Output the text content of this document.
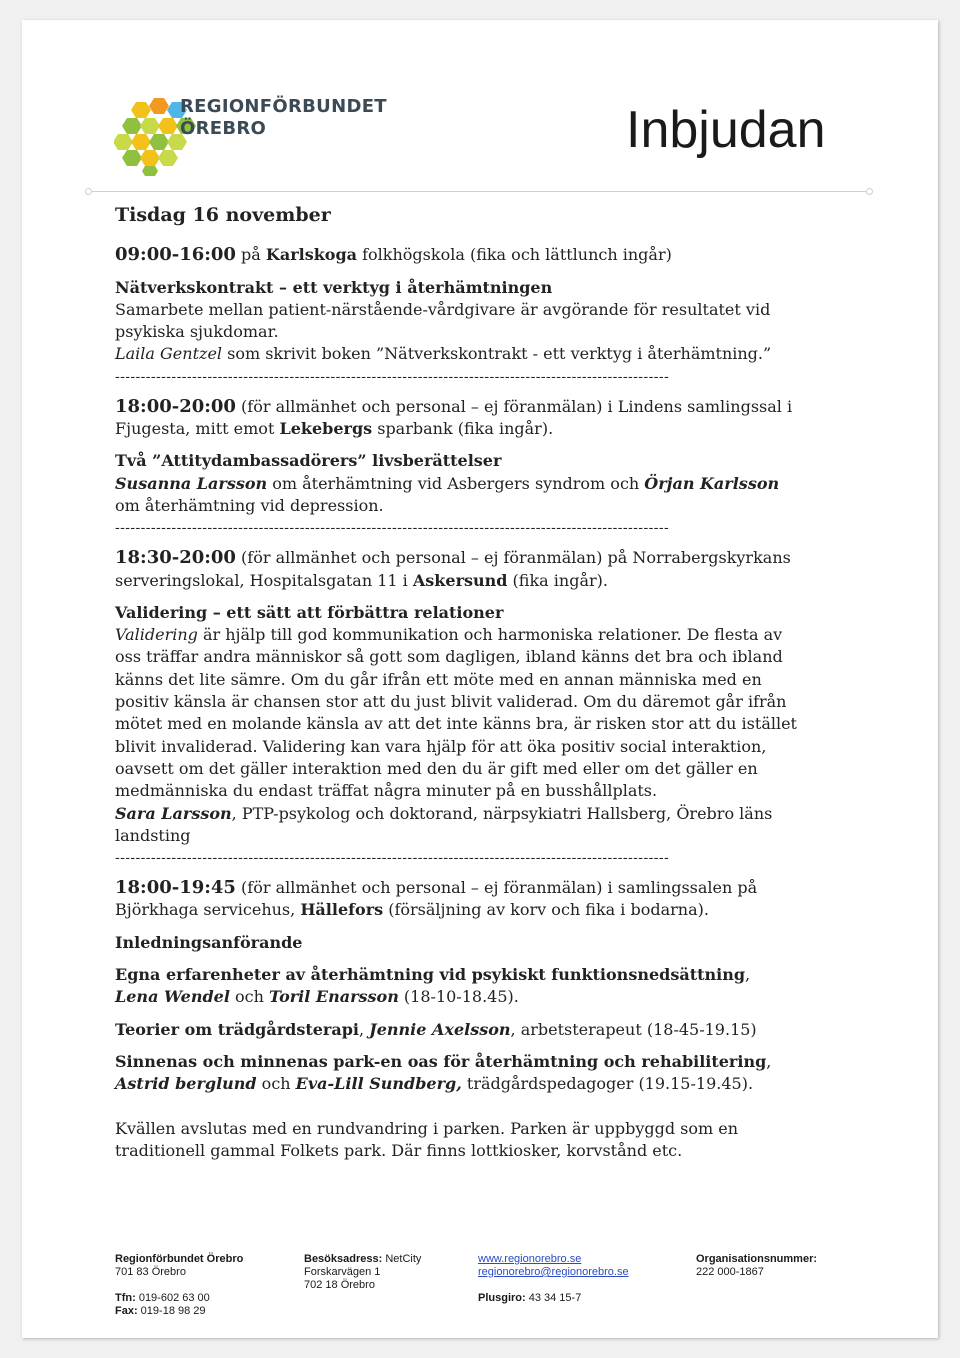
REGIONFÖRBUNDET
ÖREBRO	Inbjudan

Tisdag 16 november

09:00-16:00 på Karlskoga folkhögskola (fika och lättlunch ingår)

Nätverkskontrakt – ett verktyg i återhämtningen

Samarbete mellan patient-närstående-vårdgivare är avgörande för resultatet vid psykiska sjukdomar.

Laila Gentzel som skrivit boken ”Nätverkskontrakt - ett verktyg i återhämtning.”

------------------------------------------------------------------------------------------------------------

18:00-20:00 (för allmänhet och personal – ej föranmälan) i Lindens samlingssal i Fjugesta, mitt emot Lekebergs sparbank (fika ingår).

Två ”Attitydambassadörers” livsberättelser

Susanna Larsson om återhämtning vid Asbergers syndrom och Örjan Karlsson om återhämtning vid depression.

------------------------------------------------------------------------------------------------------------

18:30-20:00 (för allmänhet och personal – ej föranmälan) på Norrabergskyrkans serveringslokal, Hospitalsgatan 11 i Askersund (fika ingår).

Validering – ett sätt att förbättra relationer

Validering är hjälp till god kommunikation och harmoniska relationer. De flesta av oss träffar andra människor så gott som dagligen, ibland känns det bra och ibland känns det lite sämre. Om du går ifrån ett möte med en annan människa med en positiv känsla är chansen stor att du just blivit validerad. Om du däremot går ifrån mötet med en molande känsla av att det inte känns bra, är risken stor att du istället blivit invaliderad. Validering kan vara hjälp för att öka positiv social interaktion, oavsett om det gäller interaktion med den du är gift med eller om det gäller en medmänniska du endast träffat några minuter på en busshållplats.

Sara Larsson, PTP-psykolog och doktorand, närpsykiatri Hallsberg, Örebro läns landsting

------------------------------------------------------------------------------------------------------------

18:00-19:45 (för allmänhet och personal – ej föranmälan) i samlingssalen på Björkhaga servicehus, Hällefors (försäljning av korv och fika i bodarna).

Inledningsanförande

Egna erfarenheter av återhämtning vid psykiskt funktionsnedsättning,
Lena Wendel och Toril Enarsson (18-10-18.45).

Teorier om trädgårdsterapi, Jennie Axelsson, arbetsterapeut (18-45-19.15)

Sinnenas och minnenas park-en oas för återhämtning och rehabilitering,
Astrid berglund och Eva-Lill Sundberg, trädgårdspedagoger (19.15-19.45).

Kvällen avslutas med en rundvandring i parken. Parken är uppbyggd som en traditionell gammal Folkets park. Där finns lottkiosker, korvstånd etc.

Regionförbundet Örebro
701 83 Örebro

Tfn: 019-602 63 00
Fax: 019-18 98 29
Besöksadress: NetCity
Forskarvägen 1
702 18 Örebro
www.regionorebro.se
regionorebro@regionorebro.se

Plusgiro: 43 34 15-7
Organisationsnummer:
222 000-1867
